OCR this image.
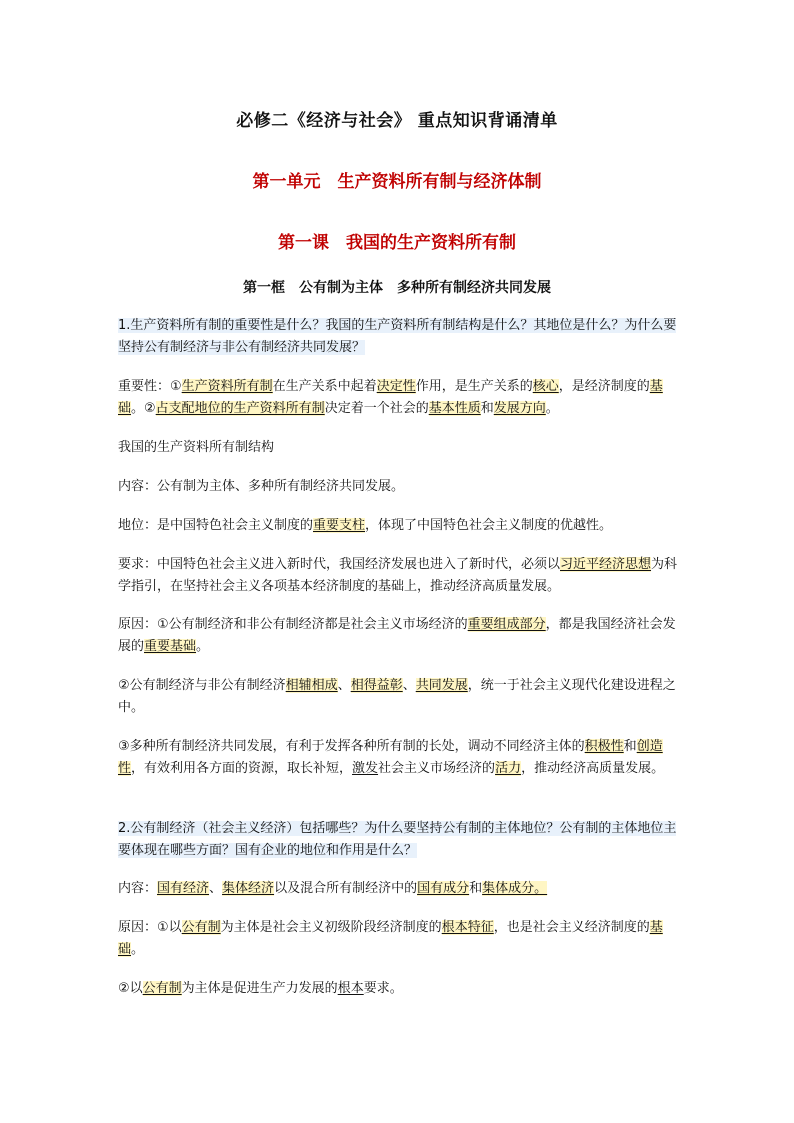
必修二《经济与社会》 重点知识背诵清单
第一单元　生产资料所有制与经济体制
第一课　我国的生产资料所有制
第一框　公有制为主体　多种所有制经济共同发展

1.生产资料所有制的重要性是什么？我国的生产资料所有制结构是什么？其地位是什么？为什么要坚持公有制经济与非公有制经济共同发展？

重要性：①生产资料所有制在生产关系中起着决定性作用，是生产关系的核心，是经济制度的基础。②占支配地位的生产资料所有制决定着一个社会的基本性质和发展方向。

我国的生产资料所有制结构

内容：公有制为主体、多种所有制经济共同发展。

地位：是中国特色社会主义制度的重要支柱，体现了中国特色社会主义制度的优越性。

要求：中国特色社会主义进入新时代，我国经济发展也进入了新时代，必须以习近平经济思想为科学指引，在坚持社会主义各项基本经济制度的基础上，推动经济高质量发展。

原因：①公有制经济和非公有制经济都是社会主义市场经济的重要组成部分，都是我国经济社会发展的重要基础。

②公有制经济与非公有制经济相辅相成、相得益彰、共同发展，统一于社会主义现代化建设进程之中。

③多种所有制经济共同发展，有利于发挥各种所有制的长处，调动不同经济主体的积极性和创造性，有效利用各方面的资源，取长补短，激发社会主义市场经济的活力，推动经济高质量发展。

2.公有制经济（社会主义经济）包括哪些？为什么要坚持公有制的主体地位？公有制的主体地位主要体现在哪些方面？国有企业的地位和作用是什么？

内容：国有经济、集体经济以及混合所有制经济中的国有成分和集体成分。

原因：①以公有制为主体是社会主义初级阶段经济制度的根本特征，也是社会主义经济制度的基础。

②以公有制为主体是促进生产力发展的根本要求。
